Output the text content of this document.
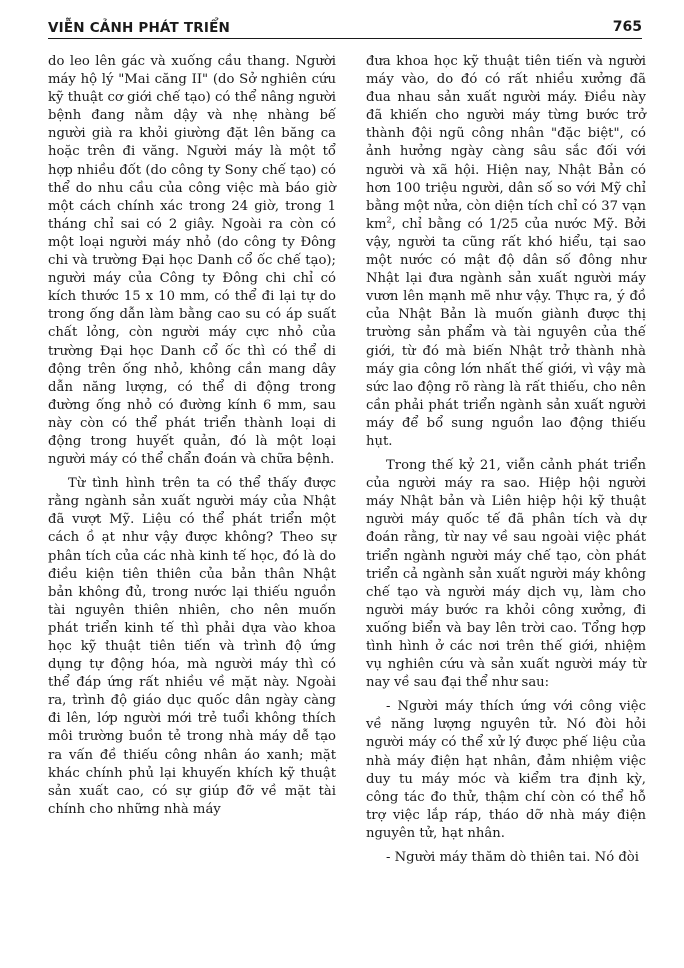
VIỄN CẢNH PHÁT TRIỂN	765

do leo lên gác và xuống cầu thang. Người máy hộ lý "Mai căng II" (do Sở nghiên cứu kỹ thuật cơ giới chế tạo) có thể nâng người bệnh đang nằm dậy và nhẹ nhàng bế người già ra khỏi giường đặt lên băng ca hoặc trên đi văng. Người máy là một tổ hợp nhiều đốt (do công ty Sony chế tạo) có thể do nhu cầu của công việc mà báo giờ một cách chính xác trong 24 giờ, trong 1 tháng chỉ sai có 2 giây. Ngoài ra còn có một loại người máy nhỏ (do công ty Đông chi và trường Đại học Danh cổ ốc chế tạo); người máy của Công ty Đông chi chỉ có kích thước 15 x 10 mm, có thể đi lại tự do trong ống dẫn làm bằng cao su có áp suất chất lỏng, còn người máy cực nhỏ của trường Đại học Danh cổ ốc thì có thể di động trên ống nhỏ, không cần mang dây dẫn năng lượng, có thể di động trong đường ống nhỏ có đường kính 6 mm, sau này còn có thể phát triển thành loại di động trong huyết quản, đó là một loại người máy có thể chẩn đoán và chữa bệnh.

Từ tình hình trên ta có thể thấy được rằng ngành sản xuất người máy của Nhật đã vượt Mỹ. Liệu có thể phát triển một cách ồ ạt như vậy được không? Theo sự phân tích của các nhà kinh tế học, đó là do điều kiện tiên thiên của bản thân Nhật bản không đủ, trong nước lại thiếu nguồn tài nguyên thiên nhiên, cho nên muốn phát triển kinh tế thì phải dựa vào khoa học kỹ thuật tiên tiến và trình độ ứng dụng tự động hóa, mà người máy thì có thể đáp ứng rất nhiều về mặt này. Ngoài ra, trình độ giáo dục quốc dân ngày càng đi lên, lớp người mới trẻ tuổi không thích môi trường buồn tẻ trong nhà máy dễ tạo ra vấn đề thiếu công nhân áo xanh; mặt khác chính phủ lại khuyến khích kỹ thuật sản xuất cao, có sự giúp đỡ về mặt tài chính cho những nhà máy

đưa khoa học kỹ thuật tiên tiến và người máy vào, do đó có rất nhiều xưởng đã đua nhau sản xuất người máy. Điều này đã khiến cho người máy từng bước trở thành đội ngũ công nhân "đặc biệt", có ảnh hưởng ngày càng sâu sắc đối với người và xã hội. Hiện nay, Nhật Bản có hơn 100 triệu người, dân số so với Mỹ chỉ bằng một nửa, còn diện tích chỉ có 37 vạn $km^2$, chỉ bằng có 1/25 của nước Mỹ. Bởi vậy, người ta cũng rất khó hiểu, tại sao một nước có mật độ dân số đông như Nhật lại đưa ngành sản xuất người máy vươn lên mạnh mẽ như vậy. Thực ra, ý đồ của Nhật Bản là muốn giành được thị trường sản phẩm và tài nguyên của thế giới, từ đó mà biến Nhật trở thành nhà máy gia công lớn nhất thế giới, vì vậy mà sức lao động rõ ràng là rất thiếu, cho nên cần phải phát triển ngành sản xuất người máy để bổ sung nguồn lao động thiếu hụt.

Trong thế kỷ 21, viễn cảnh phát triển của người máy ra sao. Hiệp hội người máy Nhật bản và Liên hiệp hội kỹ thuật người máy quốc tế đã phân tích và dự đoán rằng, từ nay về sau ngoài việc phát triển ngành người máy chế tạo, còn phát triển cả ngành sản xuất người máy không chế tạo và người máy dịch vụ, làm cho người máy bước ra khỏi công xưởng, đi xuống biển và bay lên trời cao. Tổng hợp tình hình ở các nơi trên thế giới, nhiệm vụ nghiên cứu và sản xuất người máy từ nay về sau đại thể như sau:

- Người máy thích ứng với công việc về năng lượng nguyên tử. Nó đòi hỏi người máy có thể xử lý được phế liệu của nhà máy điện hạt nhân, đảm nhiệm việc duy tu máy móc và kiểm tra định kỳ, công tác đo thử, thậm chí còn có thể hỗ trợ việc lắp ráp, tháo dỡ nhà máy điện nguyên tử, hạt nhân.

- Người máy thăm dò thiên tai. Nó đòi
